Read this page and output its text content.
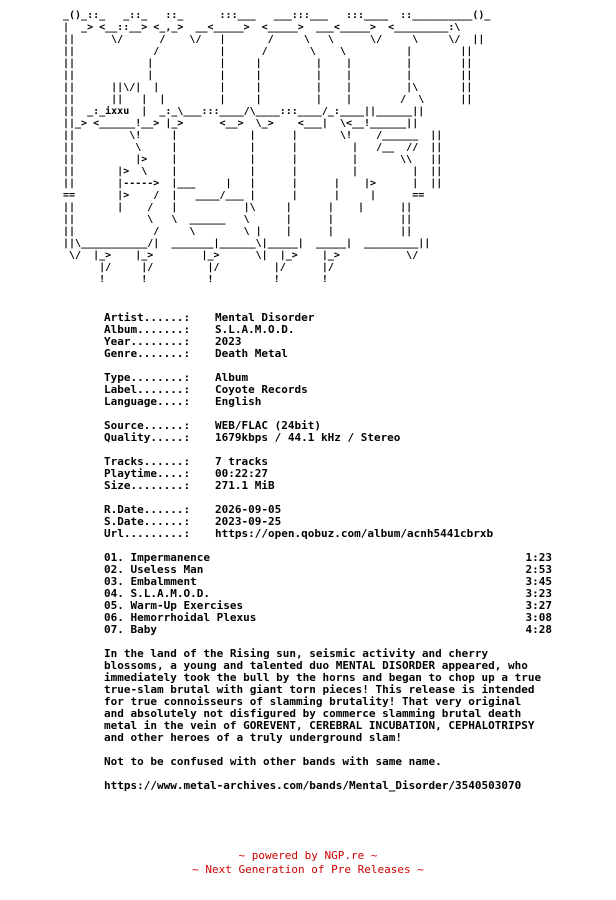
_()_::_   _::_   ::_      :::___   ___:::___   :::____  ::__________()_
|  _> <__::__> <_,_>  __<_____>  <_____>  ___<_____>  <_________:\
||      \/      /    \/   |       /     \   \      \/     \     \/  ||
||             /          |      /       \    \          |        ||
||            |           |     |         |    |         |        ||
||            |           |     |         |    |         |        ||
||      ||\/|  |          |     |         |    |         |\       ||
||      ||   |  |         |     |         |    |        /  \      ||
||  _:_ixxu  |  _:_\___:::____/\____:::____/_:____||______||
||_> <______!__> |_>      <__>  \_>    <___|  \<__!______||
||         \!     |            |      |       \!    /______  ||
||          \     |            |      |         |   /__  //  ||
||          |>    |            |      |         |       \\   ||
||       |>  \    |            |      |         |         |  ||
||       |----->  |___     |   |      |      |    |>      |  ||
==       |>    /  |   ____/___ |      |      |     |      ==
||       |    /   |           |\     |      |    |      ||
||            \   \  ______   \      |      |           ||
||             /     \        \ |    |      |           ||
||\___________/|  _______|______\|_____|  _____|  _________||
\/  |_>    |_>        |_>      \|  |_>    |_>           \/
|/     |/         |/         |/      |/
!      !          !          !       !
Artist......: Mental Disorder
Album.......: S.L.A.M.O.D.
Year........: 2023
Genre.......: Death Metal
Type........: Album
Label.......: Coyote Records
Language....: English
Source......: WEB/FLAC (24bit)
Quality.....: 1679kbps / 44.1 kHz / Stereo
Tracks......: 7 tracks
Playtime....: 00:22:27
Size........: 271.1 MiB
R.Date......: 2026-09-05
S.Date......: 2023-09-25
Url.........: https://open.qobuz.com/album/acnh5441cbrxb
01. Impermanence	1:23
02. Useless Man	2:53
03. Embalmment	3:45
04. S.L.A.M.O.D.	3:23
05. Warm-Up Exercises	3:27
06. Hemorrhoidal Plexus	3:08
07. Baby	4:28

In the land of the Rising sun, seismic activity and cherry blossoms, a young and talented duo MENTAL DISORDER appeared, who immediately took the bull by the horns and began to chop up a true true-slam brutal with giant torn pieces! This release is intended for true connoisseurs of slamming brutality! That very original and absolutely not disfigured by commerce slamming brutal death metal in the vein of GOREVENT, CEREBRAL INCUBATION, CEPHALOTRIPSY and other heroes of a truly underground slam!

Not to be confused with other bands with same name.
https://www.metal-archives.com/bands/Mental_Disorder/3540503070
~ powered by NGP.re ~
~ Next Generation of Pre Releases ~
